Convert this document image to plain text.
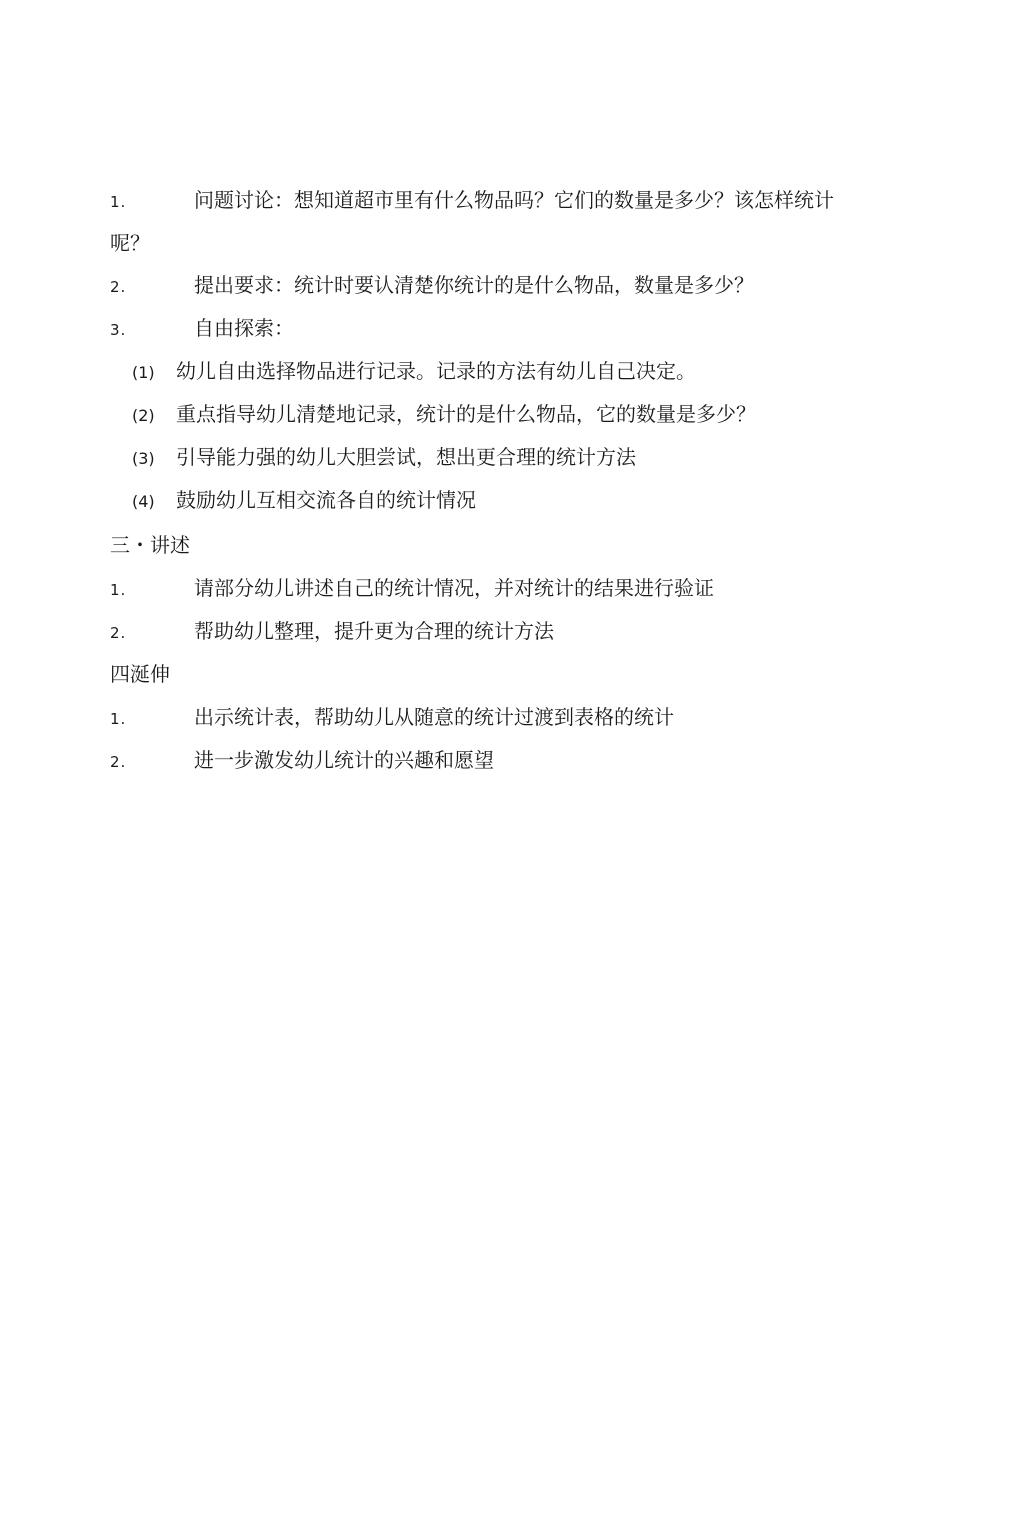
1.	问题讨论：想知道超市里有什么物品吗？它们的数量是多少？该怎样统计
呢？
2.	提出要求：统计时要认清楚你统计的是什么物品，数量是多少？
3.	自由探索：
(1) 幼儿自由选择物品进行记录。记录的方法有幼儿自己决定。
(2) 重点指导幼儿清楚地记录，统计的是什么物品，它的数量是多少？
(3) 引导能力强的幼儿大胆尝试，想出更合理的统计方法
(4) 鼓励幼儿互相交流各自的统计情况
三・讲述
1.	请部分幼儿讲述自己的统计情况，并对统计的结果进行验证
2.	帮助幼儿整理，提升更为合理的统计方法
四涎伸
1.	出示统计表，帮助幼儿从随意的统计过渡到表格的统计
2.	进一步激发幼儿统计的兴趣和愿望
